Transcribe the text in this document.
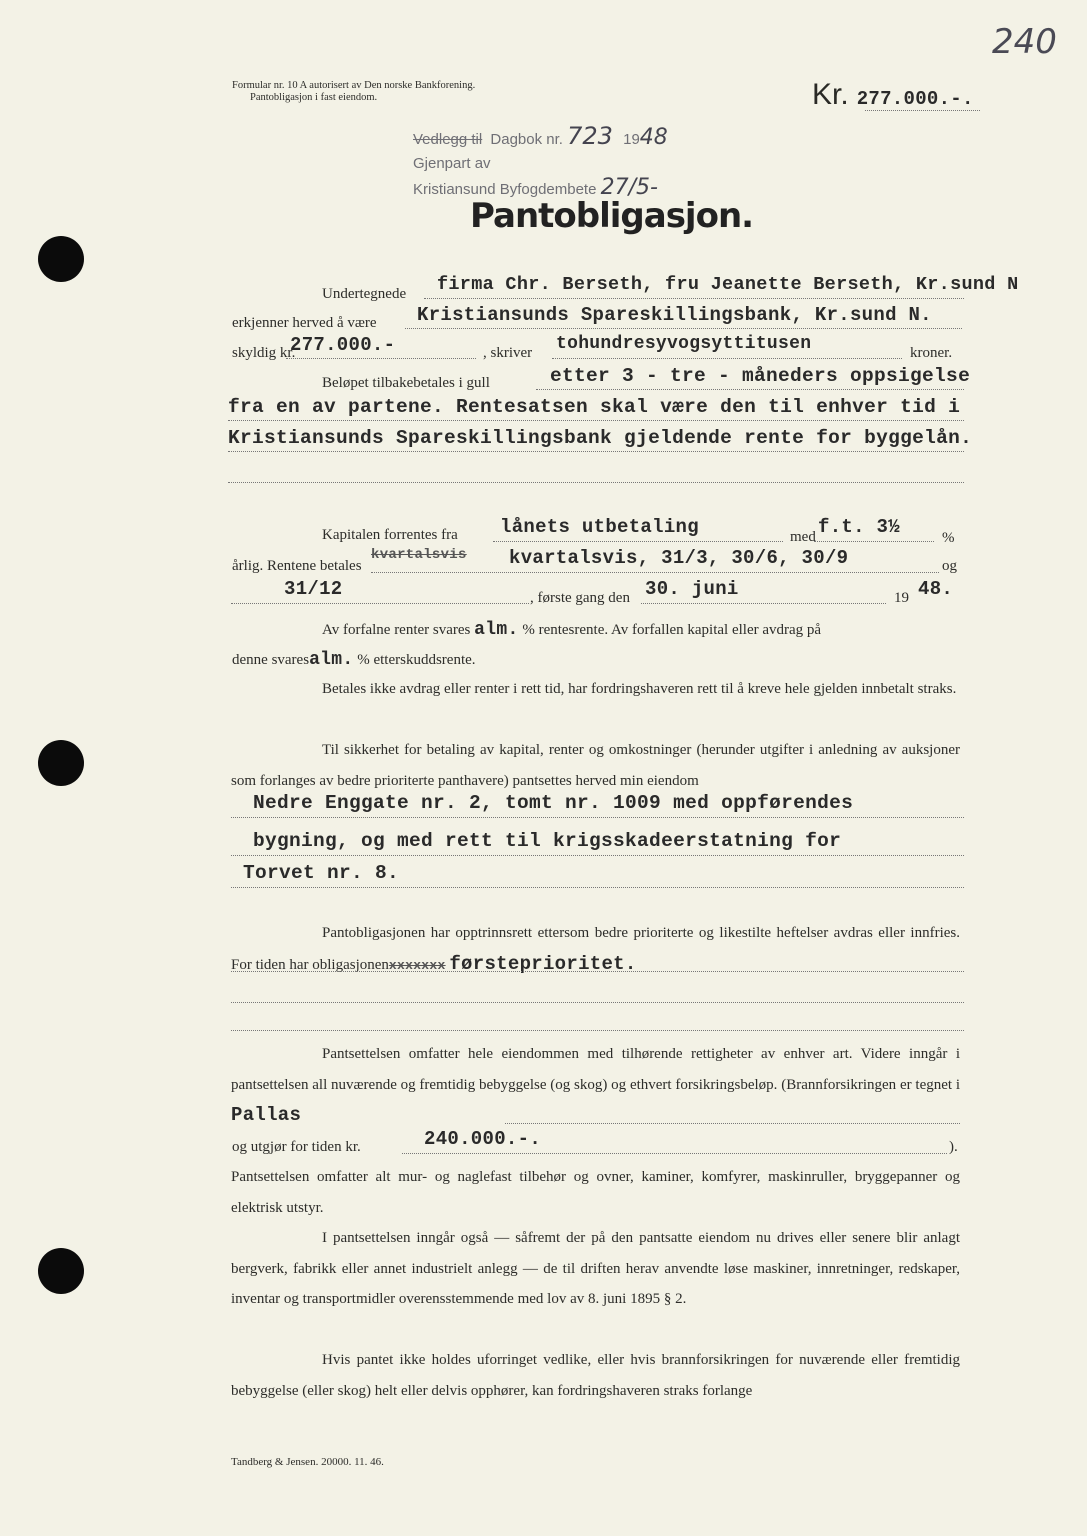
Formular nr. 10 A autorisert av Den norske Bankforening.
Pantobligasjon i fast eiendom.
240
Kr. 277.000.-.
Vedlegg til Dagbok nr. 723 1948
Gjenpart av
Kristiansund Byfogdembete 27/5-
Pantobligasjon.
Undertegnede firma Chr. Berseth, fru Jeanette Berseth, Kr.sund N
erkjenner herved å være Kristiansunds Spareskillingsbank, Kr.sund N.
skyldig kr.
277.000.-	, skriver tohundresyvogsyttitusen	kroner.
Beløpet tilbakebetales i gull	etter 3 - tre - måneders oppsigelse
fra en av partene. Rentesatsen skal være den til enhver tid i
Kristiansunds Spareskillingsbank gjeldende rente for byggelån.
Kapitalen forrentes fra lånets utbetaling	med f.t. 3½	%
årlig. Rentene betales
kvartalsvis kvartalsvis, 31/3, 30/6, 30/9	og
31/12	, første gang den 30. juni	19 48.
Av forfalne renter svares alm. % rentesrente. Av forfallen kapital eller avdrag på
denne svaresalm. % etterskuddsrente.

Betales ikke avdrag eller renter i rett tid, har fordringshaveren rett til å kreve hele gjelden innbetalt straks.

Til sikkerhet for betaling av kapital, renter og omkostninger (herunder utgifter i anledning av auksjoner som forlanges av bedre prioriterte panthavere) pantsettes herved min eiendom

Nedre Enggate nr. 2, tomt nr. 1009 med oppførendes
bygning, og med rett til krigsskadeerstatning for
Torvet nr. 8.

Pantobligasjonen har opptrinnsrett ettersom bedre prioriterte og likestilte heftelser avdras eller innfries. For tiden har obligasjonenxxxxxxx førsteprioritet.

Pantsettelsen omfatter hele eiendommen med tilhørende rettigheter av enhver art. Videre inngår i pantsettelsen all nuværende og fremtidig bebyggelse (og skog) og ethvert forsikringsbeløp. (Brannforsikringen er tegnet i Pallas

og utgjør for tiden kr.	240.000.-.	).

Pantsettelsen omfatter alt mur- og naglefast tilbehør og ovner, kaminer, komfyrer, maskinruller, bryggepanner og elektrisk utstyr.

I pantsettelsen inngår også — såfremt der på den pantsatte eiendom nu drives eller senere blir anlagt bergverk, fabrikk eller annet industrielt anlegg — de til driften herav anvendte løse maskiner, innretninger, redskaper, inventar og transportmidler overensstemmende med lov av 8. juni 1895 § 2.

Hvis pantet ikke holdes uforringet vedlike, eller hvis brannforsikringen for nuværende eller fremtidig bebyggelse (eller skog) helt eller delvis opphører, kan fordringshaveren straks forlange

Tandberg & Jensen. 20000. 11. 46.
